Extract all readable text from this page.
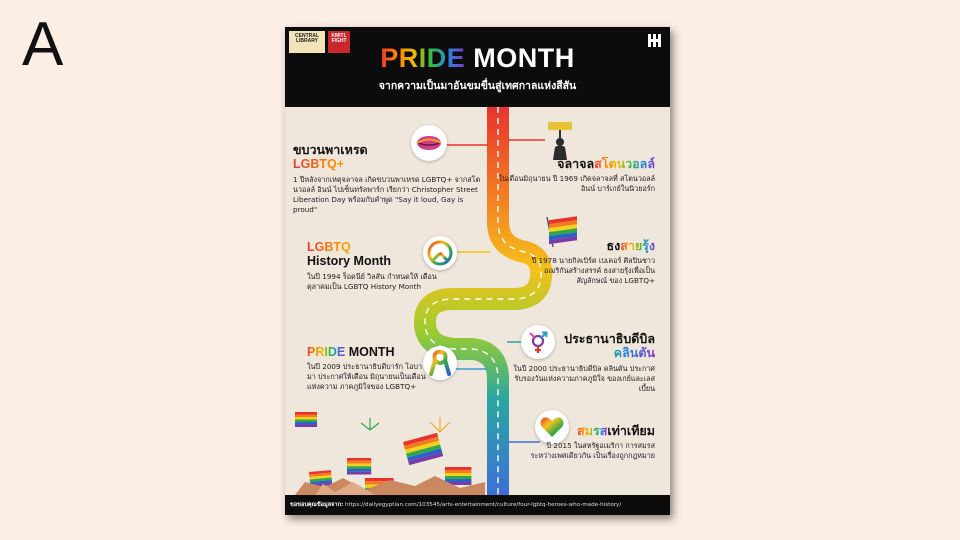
A	CENTRAL LIBRARY
KMITL FIGHT
PRIDE MONTH
จากความเป็นมาอันขมขื่นสู่เทศกาลแห่งสีสัน
ขบวนพาเหรด
LGBTQ+
1 ปีหลังจากเหตุจลาจล เกิดขบวนพาเหรด LGBTQ+ จากสโตนวอลล์ อินน์ ไปเซ็นทรัลพาร์ก เรียกว่า Christopher Street Liberation Day พร้อมกับคำพูด "Say it loud, Gay is proud"
จลาจลสโตนวอลล์
ในเดือนมิถุนายน ปี 1969 เกิดจลาจลที่ สโตนวอลล์ อินน์ บาร์เกย์ในนิวยอร์ก
ธงสายรุ้ง
ปี 1978 นายกิลเบิร์ต เบเคอร์ ศิลปินชาวอเมริกันสร้างสรรค์ ธงสายรุ้งเพื่อเป็นสัญลักษณ์ ของ LGBTQ+
LGBTQ
History Month
ในปี 1994 ร็อดนีย์ วิลสัน กำหนดให้ เดือนตุลาคมเป็น LGBTQ History Month
ประธานาธิบดีบิล
คลินตัน
ในปี 2000 ประธานาธิบดีบิล คลินตัน ประกาศรับรองวันแห่งความภาคภูมิใจ ของเกย์และเลสเบี้ยน
PRIDE MONTH
ในปี 2009 ประธานาธิบดีบารัก โอบามา ประกาศให้เดือน มิถุนายนเป็นเดือนแห่งความ ภาคภูมิใจของ LGBTQ+
สมรสเท่าเทียม
ปี 2015 ในสหรัฐอเมริกา การสมรสระหว่างเพศเดียวกัน เป็นเรื่องถูกกฎหมาย
ขอขอบคุณข้อมูลจาก: https://dailyegyptian.com/103545/arts-entertainment/culture/four-lgbtq-heroes-who-made-history/
